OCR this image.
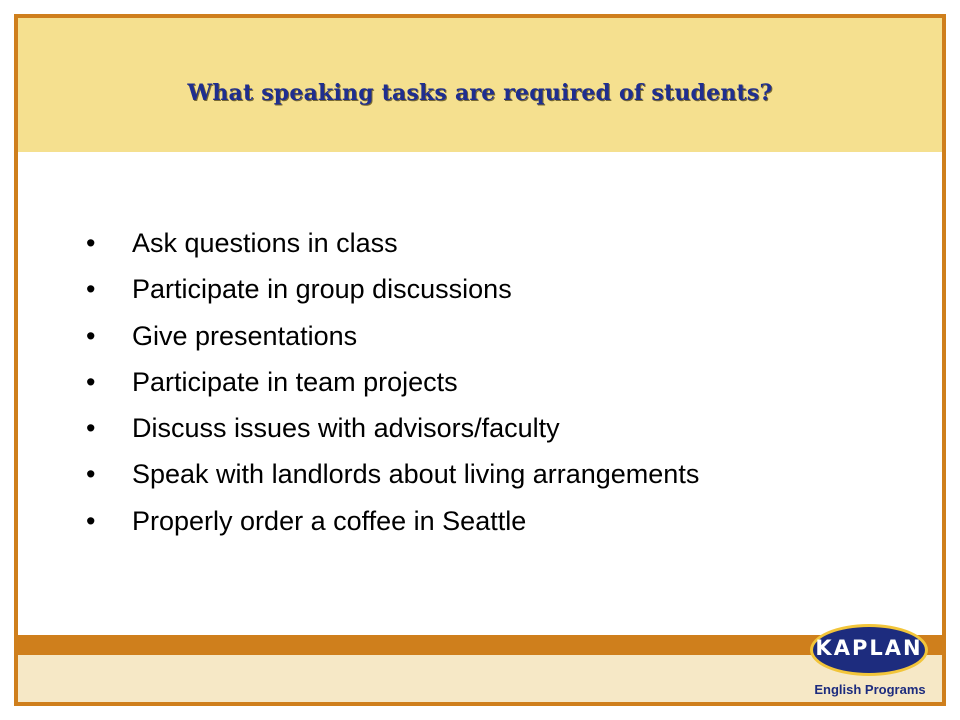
What speaking tasks are required of students?
•	Ask questions in class
•	Participate in group discussions
•	Give presentations
•	Participate in team projects
•	Discuss issues with advisors/faculty
•	Speak with landlords about living arrangements
•	Properly order a coffee in Seattle
KAPLAN
English Programs
